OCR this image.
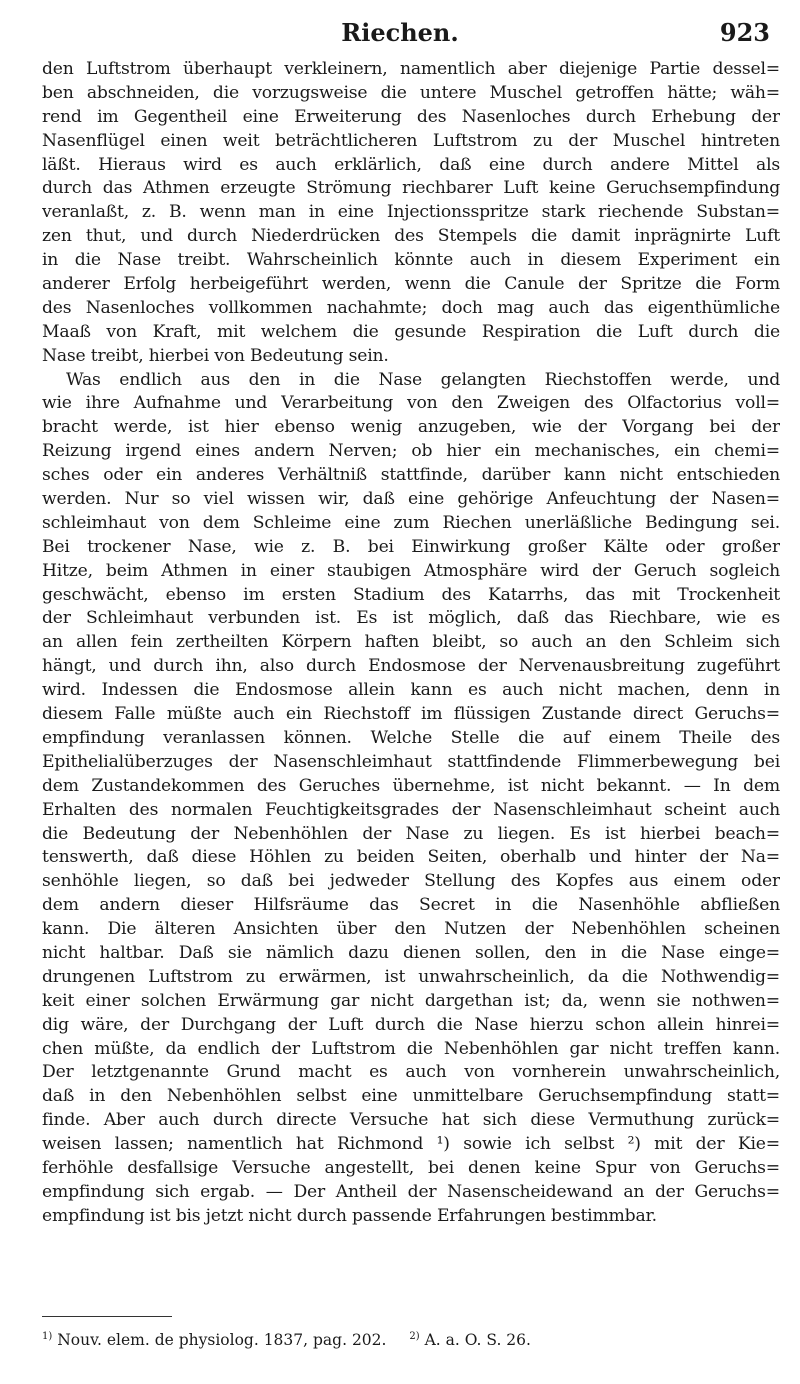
Riechen.	923
den Luftstrom überhaupt verkleinern, namentlich aber diejenige Partie dessel=
ben abschneiden, die vorzugsweise die untere Muschel getroffen hätte; wäh=
rend im Gegentheil eine Erweiterung des Nasenloches durch Erhebung der
Nasenflügel einen weit beträchtlicheren Luftstrom zu der Muschel hintreten
läßt. Hieraus wird es auch erklärlich, daß eine durch andere Mittel als
durch das Athmen erzeugte Strömung riechbarer Luft keine Geruchsempfindung
veranlaßt, z. B. wenn man in eine Injectionsspritze stark riechende Substan=
zen thut, und durch Niederdrücken des Stempels die damit inprägnirte Luft
in die Nase treibt. Wahrscheinlich könnte auch in diesem Experiment ein
anderer Erfolg herbeigeführt werden, wenn die Canule der Spritze die Form
des Nasenloches vollkommen nachahmte; doch mag auch das eigenthümliche
Maaß von Kraft, mit welchem die gesunde Respiration die Luft durch die
Nase treibt, hierbei von Bedeutung sein.
Was endlich aus den in die Nase gelangten Riechstoffen werde, und
wie ihre Aufnahme und Verarbeitung von den Zweigen des Olfactorius voll=
bracht werde, ist hier ebenso wenig anzugeben, wie der Vorgang bei der
Reizung irgend eines andern Nerven; ob hier ein mechanisches, ein chemi=
sches oder ein anderes Verhältniß stattfinde, darüber kann nicht entschieden
werden. Nur so viel wissen wir, daß eine gehörige Anfeuchtung der Nasen=
schleimhaut von dem Schleime eine zum Riechen unerläßliche Bedingung sei.
Bei trockener Nase, wie z. B. bei Einwirkung großer Kälte oder großer
Hitze, beim Athmen in einer staubigen Atmosphäre wird der Geruch sogleich
geschwächt, ebenso im ersten Stadium des Katarrhs, das mit Trockenheit
der Schleimhaut verbunden ist. Es ist möglich, daß das Riechbare, wie es
an allen fein zertheilten Körpern haften bleibt, so auch an den Schleim sich
hängt, und durch ihn, also durch Endosmose der Nervenausbreitung zugeführt
wird. Indessen die Endosmose allein kann es auch nicht machen, denn in
diesem Falle müßte auch ein Riechstoff im flüssigen Zustande direct Geruchs=
empfindung veranlassen können. Welche Stelle die auf einem Theile des
Epithelialüberzuges der Nasenschleimhaut stattfindende Flimmerbewegung bei
dem Zustandekommen des Geruches übernehme, ist nicht bekannt. — In dem
Erhalten des normalen Feuchtigkeitsgrades der Nasenschleimhaut scheint auch
die Bedeutung der Nebenhöhlen der Nase zu liegen. Es ist hierbei beach=
tenswerth, daß diese Höhlen zu beiden Seiten, oberhalb und hinter der Na=
senhöhle liegen, so daß bei jedweder Stellung des Kopfes aus einem oder
dem andern dieser Hilfsräume das Secret in die Nasenhöhle abfließen
kann. Die älteren Ansichten über den Nutzen der Nebenhöhlen scheinen
nicht haltbar. Daß sie nämlich dazu dienen sollen, den in die Nase einge=
drungenen Luftstrom zu erwärmen, ist unwahrscheinlich, da die Nothwendig=
keit einer solchen Erwärmung gar nicht dargethan ist; da, wenn sie nothwen=
dig wäre, der Durchgang der Luft durch die Nase hierzu schon allein hinrei=
chen müßte, da endlich der Luftstrom die Nebenhöhlen gar nicht treffen kann.
Der letztgenannte Grund macht es auch von vornherein unwahrscheinlich,
daß in den Nebenhöhlen selbst eine unmittelbare Geruchsempfindung statt=
finde. Aber auch durch directe Versuche hat sich diese Vermuthung zurück=
weisen lassen; namentlich hat Richmond ¹) sowie ich selbst ²) mit der Kie=
ferhöhle desfallsige Versuche angestellt, bei denen keine Spur von Geruchs=
empfindung sich ergab. — Der Antheil der Nasenscheidewand an der Geruchs=
empfindung ist bis jetzt nicht durch passende Erfahrungen bestimmbar.
$^{1)}$ Nouv. elem. de physiolog. 1837, pag. 202. $^{2)}$ A. a. O. S. 26.
